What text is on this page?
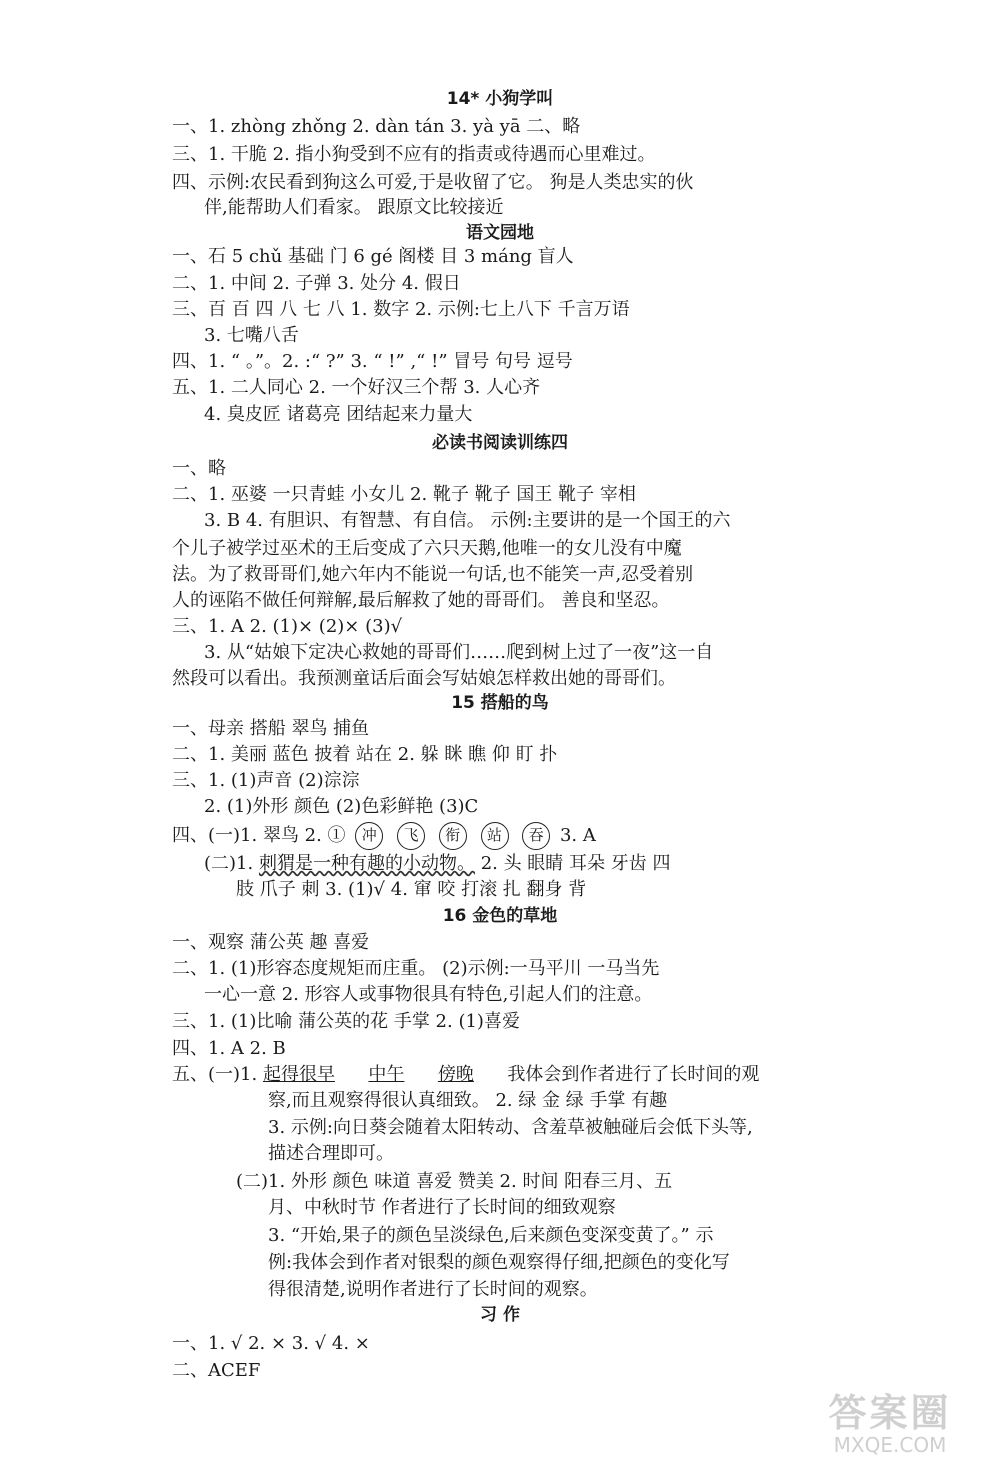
14* 小狗学叫
一、1. zhòng zhǒng 2. dàn tán 3. yà yā 二、略
三、1. 干脆 2. 指小狗受到不应有的指责或待遇而心里难过。
四、示例:农民看到狗这么可爱,于是收留了它。 狗是人类忠实的伙
伴,能帮助人们看家。 跟原文比较接近
语文园地
一、石 5 chǔ 基础 门 6 gé 阁楼 目 3 máng 盲人
二、1. 中间 2. 子弹 3. 处分 4. 假日
三、百 百 四 八 七 八 1. 数字 2. 示例:七上八下 千言万语
3. 七嘴八舌
四、1. “ 。”。2. :“ ?” 3. “ !” ,“ !” 冒号 句号 逗号
五、1. 二人同心 2. 一个好汉三个帮 3. 人心齐
4. 臭皮匠 诸葛亮 团结起来力量大
必读书阅读训练四
一、略
二、1. 巫婆 一只青蛙 小女儿 2. 靴子 靴子 国王 靴子 宰相
3. B 4. 有胆识、有智慧、有自信。 示例:主要讲的是一个国王的六
个儿子被学过巫术的王后变成了六只天鹅,他唯一的女儿没有中魔
法。为了救哥哥们,她六年内不能说一句话,也不能笑一声,忍受着别
人的诬陷不做任何辩解,最后解救了她的哥哥们。 善良和坚忍。
三、1. A 2. (1)× (2)× (3)√
3. 从“姑娘下定决心救她的哥哥们……爬到树上过了一夜”这一自
然段可以看出。我预测童话后面会写姑娘怎样救出她的哥哥们。
15 搭船的鸟
一、母亲 搭船 翠鸟 捕鱼
二、1. 美丽 蓝色 披着 站在 2. 躲 眯 瞧 仰 盯 扑
三、1. (1)声音 (2)淙淙
2. (1)外形 颜色 (2)色彩鲜艳 (3)C
四、(一)1. 翠鸟 2. ① 冲 飞 衔 站 吞 3. A
(二)1. 刺猬是一种有趣的小动物。 2. 头 眼睛 耳朵 牙齿 四
肢 爪子 刺 3. (1)√ 4. 窜 咬 打滚 扎 翻身 背
16 金色的草地
一、观察 蒲公英 趣 喜爱
二、1. (1)形容态度规矩而庄重。 (2)示例:一马平川 一马当先
一心一意 2. 形容人或事物很具有特色,引起人们的注意。
三、1. (1)比喻 蒲公英的花 手掌 2. (1)喜爱
四、1. A 2. B
五、(一)1. 起得很早 中午 傍晚 我体会到作者进行了长时间的观
察,而且观察得很认真细致。 2. 绿 金 绿 手掌 有趣
3. 示例:向日葵会随着太阳转动、含羞草被触碰后会低下头等,
描述合理即可。
(二)1. 外形 颜色 味道 喜爱 赞美 2. 时间 阳春三月、五
月、中秋时节 作者进行了长时间的细致观察
3. “开始,果子的颜色呈淡绿色,后来颜色变深变黄了。” 示
例:我体会到作者对银梨的颜色观察得仔细,把颜色的变化写
得很清楚,说明作者进行了长时间的观察。
习 作
一、1. √ 2. × 3. √ 4. ×
二、ACEF
答案圈
MXQE.COM
